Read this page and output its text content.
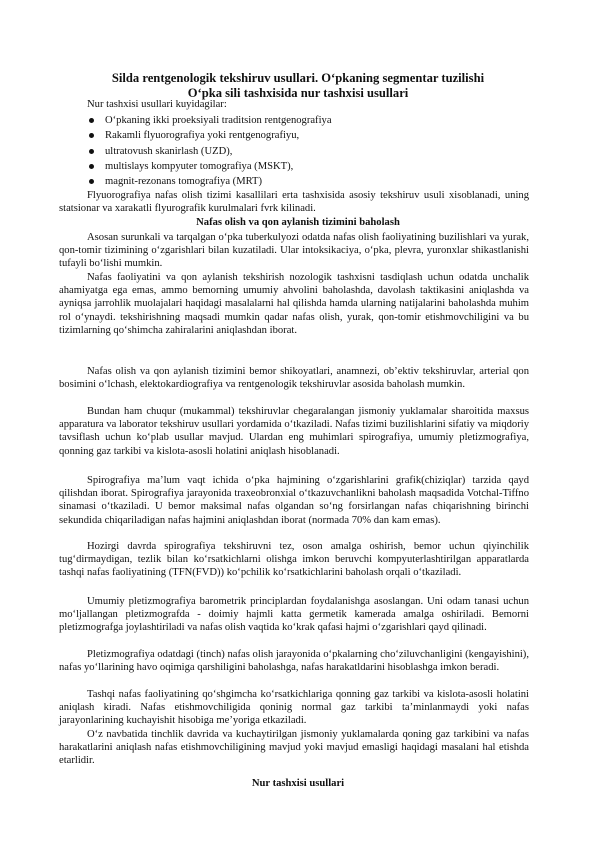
Silda rentgenologik tekshiruv usullari. O‘pkaning segmentar tuzilishi
O‘pka sili tashxisida nur tashxisi usullari
Nur tashxisi usullari kuyidagilar:
O‘pkaning ikki proeksiyali traditsion rentgenografiya
Rakamli flyuorografiya yoki rentgenografiyu,
ultratovush skanirlash (UZD),
multislays kompyuter tomografiya (MSKT),
magnit-rezonans tomografiya (MRT)

Flyuorografiya nafas olish tizimi kasallilari erta tashxisida asosiy tekshiruv usuli xisoblanadi, uning statsionar va xarakatli flyurografik kurulmalari fvrk kilinadi.

Nafas olish va qon aylanish tizimini baholash

Asosan surunkali va tarqalgan o‘pka tuberkulyozi odatda nafas olish faoliyatining buzilishlari va yurak, qon-tomir tizimining o‘zgarishlari bilan kuzatiladi. Ular intoksikaciya, o‘pka, plevra, yuronxlar shikastlanishi tufayli bo‘lishi mumkin.

Nafas faoliyatini va qon aylanish tekshirish nozologik tashxisni tasdiqlash uchun odatda unchalik ahamiyatga ega emas, ammo bemorning umumiy ahvolini baholashda, davolash taktikasini aniqlashda va ayniqsa jarrohlik muolajalari haqidagi masalalarni hal qilishda hamda ularning natijalarini baholashda muhim rol o‘ynaydi. tekshirishning maqsadi mumkin qadar nafas olish, yurak, qon-tomir etishmovchiligini va bu tizimlarning qo‘shimcha zahiralarini aniqlashdan iborat.

Nafas olish va qon aylanish tizimini bemor shikoyatlari, anamnezi, ob’ektiv tekshiruvlar, arterial qon bosimini o‘lchash, elektokardiografiya va rentgenologik tekshiruvlar asosida baholash mumkin.

Bundan ham chuqur (mukammal) tekshiruvlar chegaralangan jismoniy yuklamalar sharoitida maxsus apparatura va laborator tekshiruv usullari yordamida o‘tkaziladi. Nafas tizimi buzilishlarini sifatiy va miqdoriy tavsiflash uchun ko‘plab usullar mavjud. Ulardan eng muhimlari spirografiya, umumiy pletizmografiya, qonning gaz tarkibi va kislota-asosli holatini aniqlash hisoblanadi.

Spirografiya ma’lum vaqt ichida o‘pka hajmining o‘zgarishlarini grafik(chiziqlar) tarzida qayd qilishdan iborat. Spirografiya jarayonida traxeobronxial o‘tkazuvchanlikni baholash maqsadida Votchal-Tiffno sinamasi o‘tkaziladi. U bemor maksimal nafas olgandan so‘ng forsirlangan nafas chiqarishning birinchi sekundida chiqariladigan nafas hajmini aniqlashdan iborat (normada 70% dan kam emas).

Hozirgi davrda spirografiya tekshiruvni tez, oson amalga oshirish, bemor uchun qiyinchilik tug‘dirmaydigan, tezlik bilan ko‘rsatkichlarni olishga imkon beruvchi kompyuterlashtirilgan apparatlarda tashqi nafas faoliyatining (TFN(FVD)) ko‘pchilik ko‘rsatkichlarini baholash orqali o‘tkaziladi.

Umumiy pletizmografiya barometrik principlardan foydalanishga asoslangan. Uni odam tanasi uchun mo‘ljallangan pletizmografda - doimiy hajmli katta germetik kamerada amalga oshiriladi. Bemorni pletizmografga joylashtiriladi va nafas olish vaqtida ko‘krak qafasi hajmi o‘zgarishlari qayd qilinadi.

Pletizmografiya odatdagi (tinch) nafas olish jarayonida o‘pkalarning cho‘ziluvchanligini (kengayishini), nafas yo‘llarining havo oqimiga qarshiligini baholashga, nafas harakatldarini hisoblashga imkon beradi.

Tashqi nafas faoliyatining qo‘shgimcha ko‘rsatkichlariga qonning gaz tarkibi va kislota-asosli holatini aniqlash kiradi. Nafas etishmovchiligida qoninig normal gaz tarkibi ta’minlanmaydi yoki nafas jarayonlarining kuchayishit hisobiga me’yoriga etkaziladi.

O‘z navbatida tinchlik davrida va kuchaytirilgan jismoniy yuklamalarda qoning gaz tarkibini va nafas harakatlarini aniqlash nafas etishmovchiligining mavjud yoki mavjud emasligi haqidagi masalani hal etishda etarlidir.

Nur tashxisi usullari
